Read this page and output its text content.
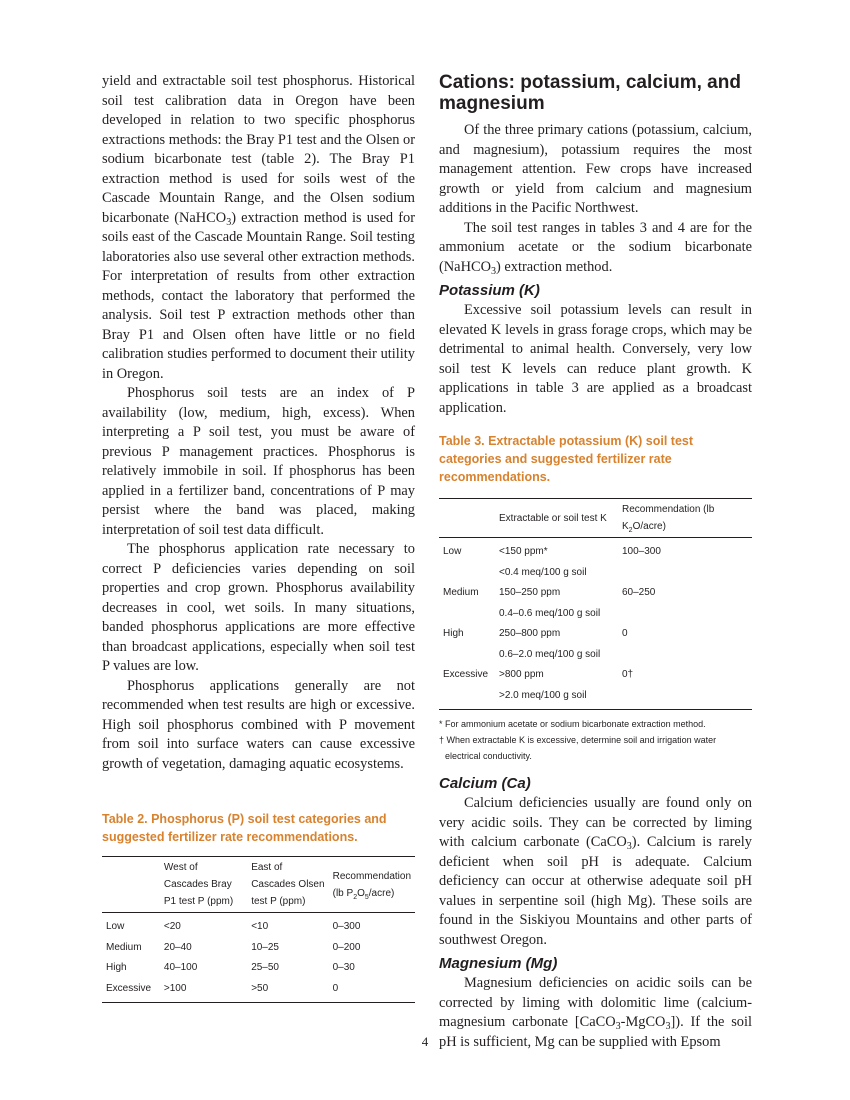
yield and extractable soil test phosphorus. Historical soil test calibration data in Oregon have been developed in relation to two specific phosphorus extractions methods: the Bray P1 test and the Olsen or sodium bicarbonate test (table 2). The Bray P1 extraction method is used for soils west of the Cascade Mountain Range, and the Olsen sodium bicarbonate (NaHCO$_3$) extraction method is used for soils east of the Cascade Mountain Range. Soil testing laboratories also use several other extraction methods. For interpretation of results from other extraction methods, contact the laboratory that performed the analysis. Soil test P extraction methods other than Bray P1 and Olsen often have little or no field calibration studies performed to document their utility in Oregon.

Phosphorus soil tests are an index of P availability (low, medium, high, excess). When interpreting a P soil test, you must be aware of previous P management practices. Phosphorus is relatively immobile in soil. If phosphorus has been applied in a fertilizer band, concentrations of P may persist where the band was placed, making interpretation of soil test data difficult.

The phosphorus application rate necessary to correct P deficiencies varies depending on soil properties and crop grown. Phosphorus availability decreases in cool, wet soils. In many situations, banded phosphorus applications are more effective than broadcast applications, especially when soil test P values are low.

Phosphorus applications generally are not recommended when test results are high or excessive. High soil phosphorus combined with P movement from soil into surface waters can cause excessive growth of vegetation, damaging aquatic ecosystems.

Table 2. Phosphorus (P) soil test categories and suggested fertilizer rate recommendations.

	West of Cascades Bray P1 test P (ppm)	East of Cascades Olsen test P (ppm)	Recommendation (lb $P_2O_5/acre$)
Low	<20	<10	0–300
Medium	20–40	10–25	0–200
High	40–100	25–50	0–30
Excessive	>100	>50	0
Cations: potassium, calcium, and magnesium

Of the three primary cations (potassium, calcium, and magnesium), potassium requires the most management attention. Few crops have increased growth or yield from calcium and magnesium additions in the Pacific Northwest.

The soil test ranges in tables 3 and 4 are for the ammonium acetate or the sodium bicarbonate (NaHCO$_3$) extraction method.

Potassium (K)

Excessive soil potassium levels can result in elevated K levels in grass forage crops, which may be detrimental to animal health. Conversely, very low soil test K levels can reduce plant growth. K applications in table 3 are applied as a broadcast application.

Table 3. Extractable potassium (K) soil test categories and suggested fertilizer rate recommendations.

	Extractable or soil test K	Recommendation (lb $K_2O/acre$)
Low	<150 ppm*	100–300
	<0.4 meq/100 g soil	
Medium	150–250 ppm	60–250
	0.4–0.6 meq/100 g soil	
High	250–800 ppm	0
	0.6–2.0 meq/100 g soil	
Excessive	>800 ppm	0†
	>2.0 meq/100 g soil	

* For ammonium acetate or sodium bicarbonate extraction method.

† When extractable K is excessive, determine soil and irrigation water electrical conductivity.

Calcium (Ca)

Calcium deficiencies usually are found only on very acidic soils. They can be corrected by liming with calcium carbonate (CaCO$_3$). Calcium is rarely deficient when soil pH is adequate. Calcium deficiency can occur at otherwise adequate soil pH values in serpentine soil (high Mg). These soils are found in the Siskiyou Mountains and other parts of southwest Oregon.

Magnesium (Mg)

Magnesium deficiencies on acidic soils can be corrected by liming with dolomitic lime (calcium-magnesium carbonate [CaCO$_3$-MgCO$_3$]). If the soil pH is sufficient, Mg can be supplied with Epsom

4
